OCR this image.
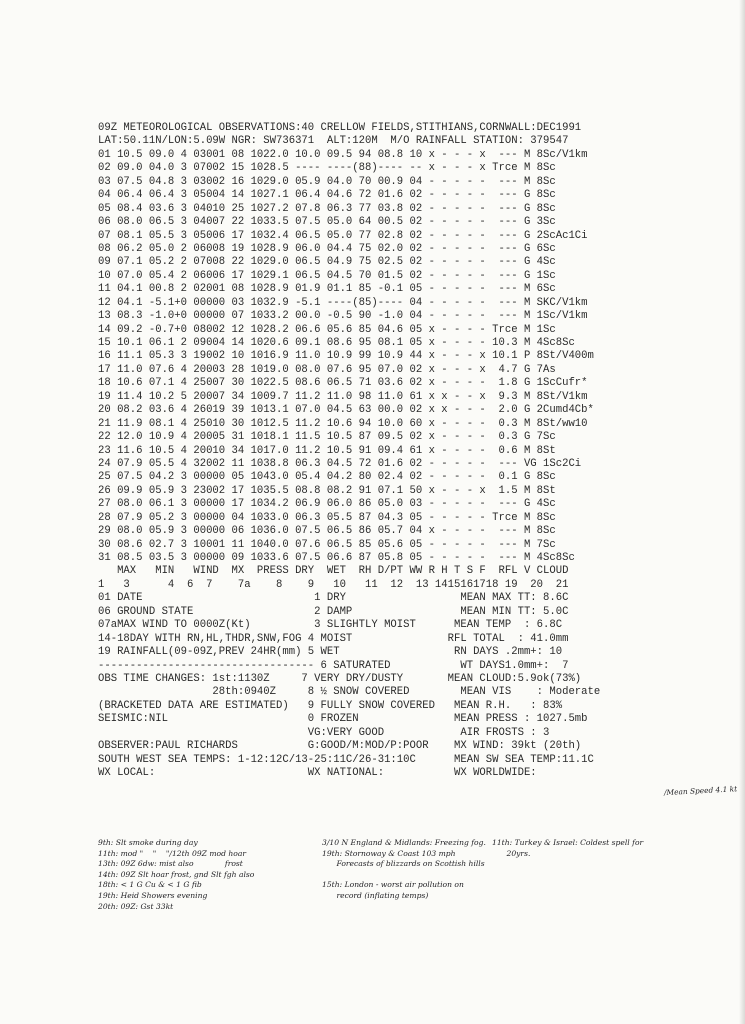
09Z METEOROLOGICAL OBSERVATIONS:40 CRELLOW FIELDS,STITHIANS,CORNWALL:DEC1991
LAT:50.11N/LON:5.09W NGR: SW736371  ALT:120M  M/O RAINFALL STATION: 379547
01 10.5 09.0 4 03001 08 1022.0 10.0 09.5 94 08.8 10 x - - - x  --- M 8Sc/V1km
02 09.0 04.0 3 07002 15 1028.5 ---- ----(88)---- -- x - - - x Trce M 8Sc
03 07.5 04.8 3 03002 16 1029.0 05.9 04.0 70 00.9 04 - - - - -  --- M 8Sc
04 06.4 06.4 3 05004 14 1027.1 06.4 04.6 72 01.6 02 - - - - -  --- G 8Sc
05 08.4 03.6 3 04010 25 1027.2 07.8 06.3 77 03.8 02 - - - - -  --- G 8Sc
06 08.0 06.5 3 04007 22 1033.5 07.5 05.0 64 00.5 02 - - - - -  --- G 3Sc
07 08.1 05.5 3 05006 17 1032.4 06.5 05.0 77 02.8 02 - - - - -  --- G 2ScAc1Ci
08 06.2 05.0 2 06008 19 1028.9 06.0 04.4 75 02.0 02 - - - - -  --- G 6Sc
09 07.1 05.2 2 07008 22 1029.0 06.5 04.9 75 02.5 02 - - - - -  --- G 4Sc
10 07.0 05.4 2 06006 17 1029.1 06.5 04.5 70 01.5 02 - - - - -  --- G 1Sc
11 04.1 00.8 2 02001 08 1028.9 01.9 01.1 85 -0.1 05 - - - - -  --- M 6Sc
12 04.1 -5.1+0 00000 03 1032.9 -5.1 ----(85)---- 04 - - - - -  --- M SKC/V1km
13 08.3 -1.0+0 00000 07 1033.2 00.0 -0.5 90 -1.0 04 - - - - -  --- M 1Sc/V1km
14 09.2 -0.7+0 08002 12 1028.2 06.6 05.6 85 04.6 05 x - - - - Trce M 1Sc
15 10.1 06.1 2 09004 14 1020.6 09.1 08.6 95 08.1 05 x - - - - 10.3 M 4Sc8Sc
16 11.1 05.3 3 19002 10 1016.9 11.0 10.9 99 10.9 44 x - - - x 10.1 P 8St/V400m
17 11.0 07.6 4 20003 28 1019.0 08.0 07.6 95 07.0 02 x - - - x  4.7 G 7As
18 10.6 07.1 4 25007 30 1022.5 08.6 06.5 71 03.6 02 x - - - -  1.8 G 1ScCufr*
19 11.4 10.2 5 20007 34 1009.7 11.2 11.0 98 11.0 61 x x - - x  9.3 M 8St/V1km
20 08.2 03.6 4 26019 39 1013.1 07.0 04.5 63 00.0 02 x x - - -  2.0 G 2Cumd4Cb*
21 11.9 08.1 4 25010 30 1012.5 11.2 10.6 94 10.0 60 x - - - -  0.3 M 8St/ww10
22 12.0 10.9 4 20005 31 1018.1 11.5 10.5 87 09.5 02 x - - - -  0.3 G 7Sc
23 11.6 10.5 4 20010 34 1017.0 11.2 10.5 91 09.4 61 x - - - -  0.6 M 8St
24 07.9 05.5 4 32002 11 1038.8 06.3 04.5 72 01.6 02 - - - - -  --- VG 1Sc2Ci
25 07.5 04.2 3 00000 05 1043.0 05.4 04.2 80 02.4 02 - - - - -  0.1 G 8Sc
26 09.9 05.9 3 23002 17 1035.5 08.8 08.2 91 07.1 50 x - - - x  1.5 M 8St
27 08.0 06.1 3 00000 17 1034.2 06.9 06.0 86 05.0 03 - - - - -  --- G 4Sc
28 07.9 05.2 3 00000 04 1033.0 06.3 05.5 87 04.3 05 - - - - - Trce M 8Sc
29 08.0 05.9 3 00000 06 1036.0 07.5 06.5 86 05.7 04 x - - - -  --- M 8Sc
30 08.6 02.7 3 10001 11 1040.0 07.6 06.5 85 05.6 05 - - - - -  --- M 7Sc
31 08.5 03.5 3 00000 09 1033.6 07.5 06.6 87 05.8 05 - - - - -  --- M 4Sc8Sc
MAX   MIN   WIND  MX  PRESS DRY  WET  RH D/PT WW R H T S F  RFL V CLOUD
1   3      4  6  7    7a    8    9   10   11  12  13 1415161718 19  20  21
01 DATE                           1 DRY                  MEAN MAX TT: 8.6C
06 GROUND STATE                   2 DAMP                 MEAN MIN TT: 5.0C
07aMAX WIND TO 0000Z(Kt)          3 SLIGHTLY MOIST      MEAN TEMP  : 6.8C
14-18DAY WITH RN,HL,THDR,SNW,FOG 4 MOIST               RFL TOTAL  : 41.0mm
19 RAINFALL(09-09Z,PREV 24HR(mm) 5 WET                  RN DAYS .2mm+: 10
---------------------------------- 6 SATURATED           WT DAYS1.0mm+:  7
OBS TIME CHANGES: 1st:1130Z     7 VERY DRY/DUSTY       MEAN CLOUD:5.9ok(73%)
28th:0940Z     8 ½ SNOW COVERED        MEAN VIS    : Moderate
(BRACKETED DATA ARE ESTIMATED)   9 FULLY SNOW COVERED   MEAN R.H.   : 83%
SEISMIC:NIL                      0 FROZEN               MEAN PRESS : 1027.5mb
VG:VERY GOOD            AIR FROSTS : 3
OBSERVER:PAUL RICHARDS           G:GOOD/M:MOD/P:POOR    MX WIND: 39kt (20th)
SOUTH WEST SEA TEMPS: 1-12:12C/13-25:11C/26-31:10C      MEAN SW SEA TEMP:11.1C
WX LOCAL:                        WX NATIONAL:           WX WORLDWIDE:
/Mean Speed 4.1 kt
9th: Slt smoke during day
11th: mod "    "    "/12th 09Z mod hoar
13th: 09Z 6dw: mist also             frost
14th: 09Z Slt hoar frost, gnd Slt fgh also
18th: < 1 G Cu & < 1 G fib
19th: Heid Showers evening
20th: 09Z: Gst 33kt
3/10 N England & Midlands: Freezing fog.
19th: Stornoway & Coast 103 mph
Forecasts of blizzards on Scottish hills

15th: London - worst air pollution on
record (inflating temps)
11th: Turkey & Israel: Coldest spell for
20yrs.
